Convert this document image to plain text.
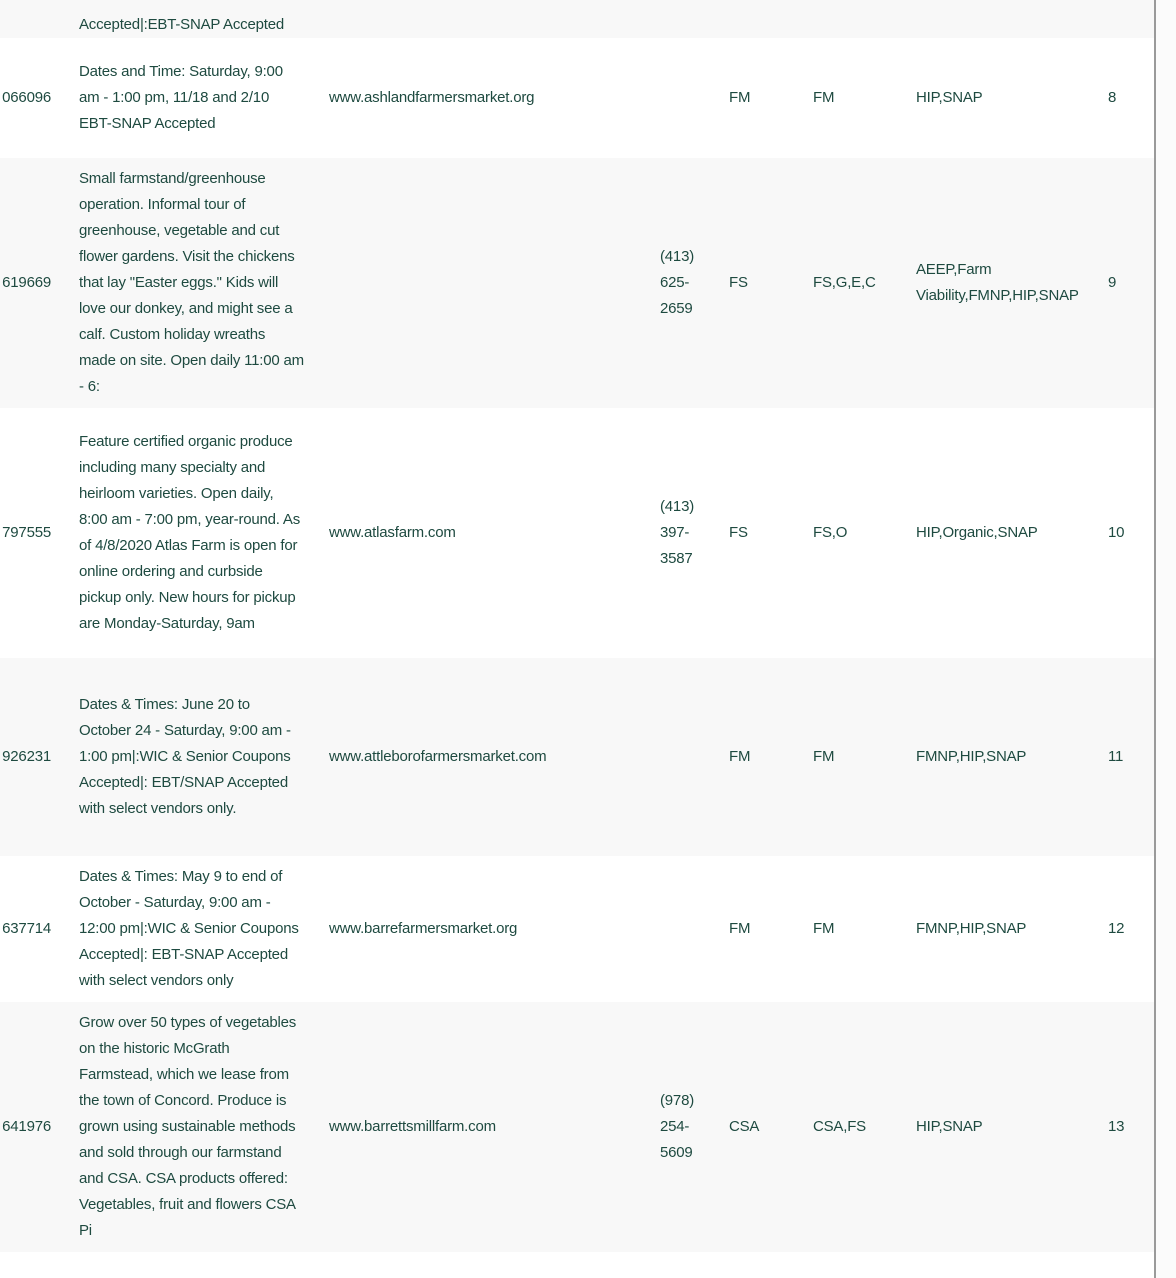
	Accepted|:EBT-SNAP Accepted						

066096	Dates and Time: Saturday, 9:00 am - 1:00 pm, 11/18 and 2/10 EBT-SNAP Accepted	www.ashlandfarmersmarket.org		FM	FM	HIP,SNAP	8
619669	Small farmstand/greenhouse operation. Informal tour of greenhouse, vegetable and cut flower gardens. Visit the chickens that lay "Easter eggs." Kids will love our donkey, and might see a calf. Custom holiday wreaths made on site. Open daily 11:00 am - 6:		(413) 625-2659	FS	FS,G,E,C	AEEP,Farm Viability,FMNP,HIP,SNAP	9
797555	Feature certified organic produce including many specialty and heirloom varieties. Open daily, 8:00 am - 7:00 pm, year-round. As of 4/8/2020 Atlas Farm is open for online ordering and curbside pickup only. New hours for pickup are Monday-Saturday, 9am	www.atlasfarm.com	(413) 397-3587	FS	FS,O	HIP,Organic,SNAP	10
926231	Dates & Times: June 20 to October 24 - Saturday, 9:00 am - 1:00 pm|:WIC & Senior Coupons Accepted|: EBT/SNAP Accepted with select vendors only.	www.attleborofarmersmarket.com		FM	FM	FMNP,HIP,SNAP	11
637714	Dates & Times: May 9 to end of October - Saturday, 9:00 am - 12:00 pm|:WIC & Senior Coupons Accepted|: EBT-SNAP Accepted with select vendors only	www.barrefarmersmarket.org		FM	FM	FMNP,HIP,SNAP	12
641976	Grow over 50 types of vegetables on the historic McGrath Farmstead, which we lease from the town of Concord. Produce is grown using sustainable methods and sold through our farmstand and CSA. CSA products offered: Vegetables, fruit and flowers CSA Pi	www.barrettsmillfarm.com	(978) 254-5609	CSA	CSA,FS	HIP,SNAP	13
